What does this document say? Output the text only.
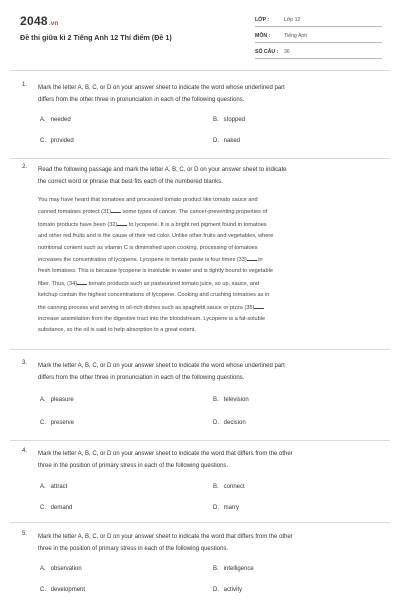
2048.vn
Đề thi giữa kì 2 Tiếng Anh 12 Thí điểm (Đề 1)
LỚP :	Lớp 12
MÔN :	Tiếng Anh
SỐ CÂU : 36
1. Mark the letter A, B, C, or D on your answer sheet to indicate the word whose underlined part
differs from the other three in pronunciation in each of the following questions.
A. needed	B. stopped
C. provided	D. naked
2. Read the following passage and mark the letter A, B, C, or D on your answer sheet to indicate
the correct word or phrase that best fits each of the numbered blanks.
You may have heard that tomatoes and processed tomato product like tomato sauce and
canned tomatoes protect (31) some types of cancer. The cancer-preventing properties of
tomato products have been (32) to lycopene. It is a bright red pigment found in tomatoes
and other red fruits and is the cause of their red color. Unlike other fruits and vegetables, where
nutritional content such as vitamin C is diminished upon cooking, processing of tomatoes
increases the concentration of lycopene. Lycopene in tomato paste is four times (33) in
fresh tomatoes. This is because lycopene is insoluble in water and is tightly bound to vegetable
fiber. Thus, (34) tomato products such as pasteurized tomato juice, so up, sauce, and
ketchup contain the highest concentrations of lycopene. Cooking and crushing tomatoes as in
the canning process and serving in oil-rich dishes such as spaghetti sauce or pizza (35)
increase assimilation from the digestive tract into the bloodstream. Lycopene is a fat-soluble
substance, so the oil is said to help absorption to a great extent.
3. Mark the letter A, B, C, or D on your answer sheet to indicate the word whose underlined part
differs from the other three in pronunciation in each of the following questions.
A. pleasure	B. television
C. preserve	D. decision
4. Mark the letter A, B, C, or D on your answer sheet to indicate the word that differs from the other
three in the position of primary stress in each of the following questions.
A. attract	B. connect
C. demand	D. marry
5. Mark the letter A, B, C, or D on your answer sheet to indicate the word that differs from the other
three in the position of primary stress in each of the following questions.
A. observation	B. intelligence
C. development	D. activity
